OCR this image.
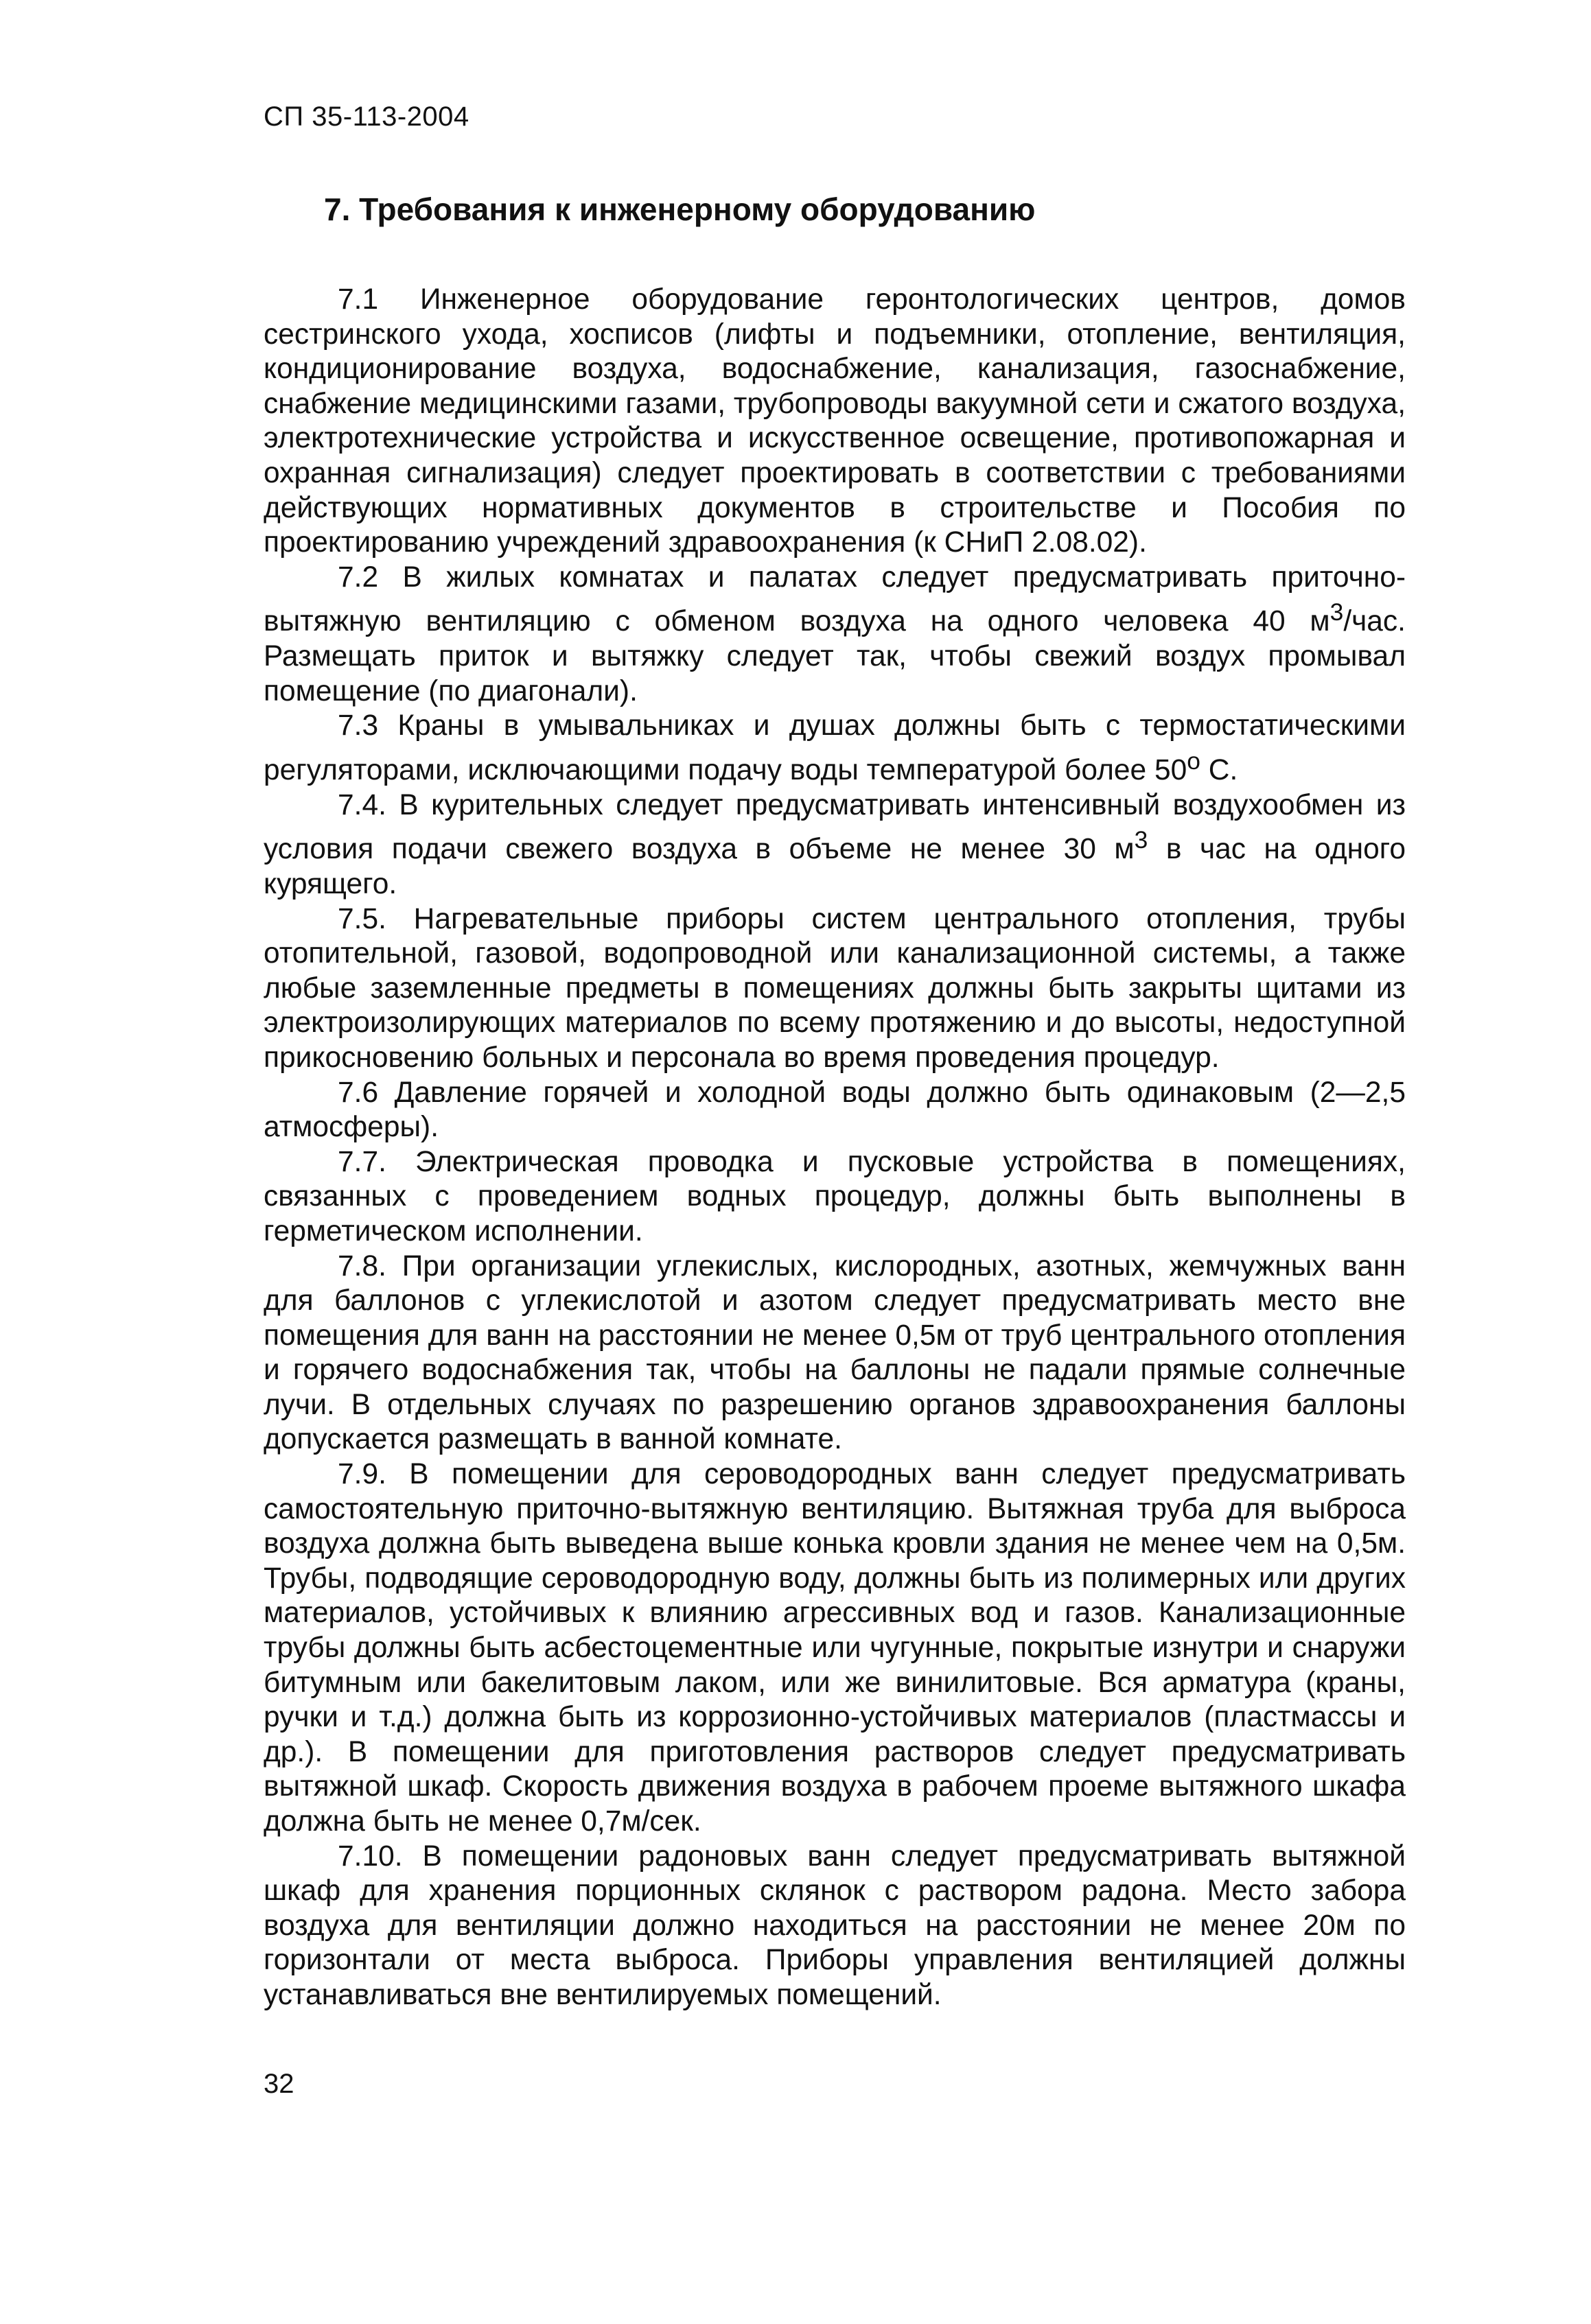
СП 35-113-2004
7. Требования к инженерному оборудованию

7.1 Инженерное оборудование геронтологических центров, домов сестринского ухода, хосписов (лифты и подъемники, отопление, вентиляция, кондиционирование воздуха, водоснабжение, канализация, газоснабжение, снабжение медицинскими газами, трубопроводы вакуумной сети и сжатого воздуха, электротехнические устройства и искусственное освещение, противопожарная и охранная сигнализация) следует проектировать в соответствии с требованиями действующих нормативных документов в строительстве и Пособия по проектированию учреждений здравоохранения (к СНиП 2.08.02).

7.2 В жилых комнатах и палатах следует предусматривать приточно-вытяжную вентиляцию с обменом воздуха на одного человека 40 $м^3$/час. Размещать приток и вытяжку следует так, чтобы свежий воздух промывал помещение (по диагонали).

7.3 Краны в умывальниках и душах должны быть с термостатическими регуляторами, исключающими подачу воды температурой более $50^о$ С.

7.4. В курительных следует предусматривать интенсивный воздухообмен из условия подачи свежего воздуха в объеме не менее 30 $м^3$ в час на одного курящего.

7.5. Нагревательные приборы систем центрального отопления, трубы отопительной, газовой, водопроводной или канализационной системы, а также любые заземленные предметы в помещениях должны быть закрыты щитами из электроизолирующих материалов по всему протяжению и до высоты, недоступной прикосновению больных и персонала во время проведения процедур.

7.6 Давление горячей и холодной воды должно быть одинаковым (2—2,5 атмосферы).

7.7. Электрическая проводка и пусковые устройства в помещениях, связанных с проведением водных процедур, должны быть выполнены в герметическом исполнении.

7.8. При организации углекислых, кислородных, азотных, жемчужных ванн для баллонов с углекислотой и азотом следует предусматривать место вне помещения для ванн на расстоянии не менее 0,5м от труб центрального отопления и горячего водоснабжения так, чтобы на баллоны не падали прямые солнечные лучи. В отдельных случаях по разрешению органов здравоохранения баллоны допускается размещать в ванной комнате.

7.9. В помещении для сероводородных ванн следует предусматривать самостоятельную приточно-вытяжную вентиляцию. Вытяжная труба для выброса воздуха должна быть выведена выше конька кровли здания не менее чем на 0,5м. Трубы, подводящие сероводородную воду, должны быть из полимерных или других материалов, устойчивых к влиянию агрессивных вод и газов. Канализационные трубы должны быть асбестоцементные или чугунные, покрытые изнутри и снаружи битумным или бакелитовым лаком, или же винилитовые. Вся арматура (краны, ручки и т.д.) должна быть из коррозионно-устойчивых материалов (пластмассы и др.). В помещении для приготовления растворов следует предусматривать вытяжной шкаф. Скорость движения воздуха в рабочем проеме вытяжного шкафа должна быть не менее 0,7м/сек.

7.10. В помещении радоновых ванн следует предусматривать вытяжной шкаф для хранения порционных склянок с раствором радона. Место забора воздуха для вентиляции должно находиться на расстоянии не менее 20м по горизонтали от места выброса. Приборы управления вентиляцией должны устанавливаться вне вентилируемых помещений.

32
